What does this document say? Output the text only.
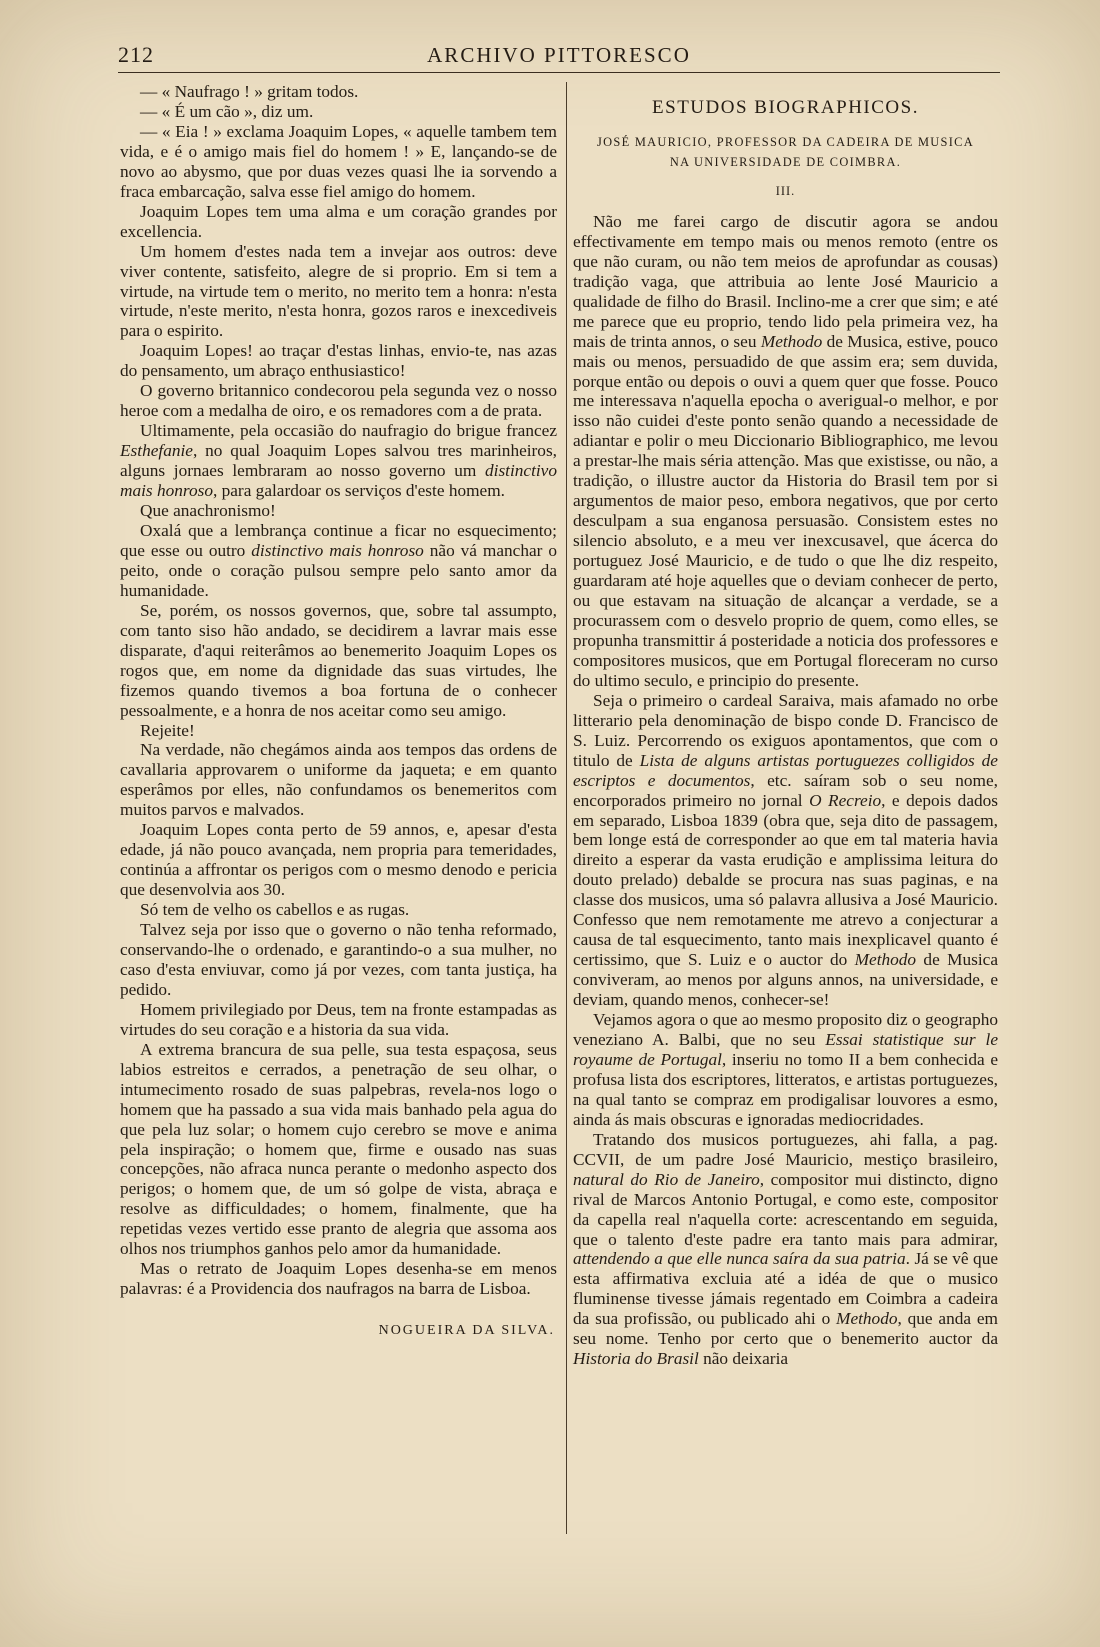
212	ARCHIVO PITTORESCO

— « Naufrago ! » gritam todos.

— « É um cão », diz um.

— « Eia ! » exclama Joaquim Lopes, « aquelle tambem tem vida, e é o amigo mais fiel do homem ! » E, lançando-se de novo ao abysmo, que por duas vezes quasi lhe ia sorvendo a fraca embarcação, salva esse fiel amigo do homem.

Joaquim Lopes tem uma alma e um coração grandes por excellencia.

Um homem d'estes nada tem a invejar aos outros: deve viver contente, satisfeito, alegre de si proprio. Em si tem a virtude, na virtude tem o merito, no merito tem a honra: n'esta virtude, n'este merito, n'esta honra, gozos raros e inexcediveis para o espirito.

Joaquim Lopes! ao traçar d'estas linhas, envio-te, nas azas do pensamento, um abraço enthusiastico!

O governo britannico condecorou pela segunda vez o nosso heroe com a medalha de oiro, e os remadores com a de prata.

Ultimamente, pela occasião do naufragio do brigue francez Esthefanie, no qual Joaquim Lopes salvou tres marinheiros, alguns jornaes lembraram ao nosso governo um distinctivo mais honroso, para galardoar os serviços d'este homem.

Que anachronismo!

Oxalá que a lembrança continue a ficar no esquecimento; que esse ou outro distinctivo mais honroso não vá manchar o peito, onde o coração pulsou sempre pelo santo amor da humanidade.

Se, porém, os nossos governos, que, sobre tal assumpto, com tanto siso hão andado, se decidirem a lavrar mais esse disparate, d'aqui reiterâmos ao benemerito Joaquim Lopes os rogos que, em nome da dignidade das suas virtudes, lhe fizemos quando tivemos a boa fortuna de o conhecer pessoalmente, e a honra de nos aceitar como seu amigo.

Rejeite!

Na verdade, não chegámos ainda aos tempos das ordens de cavallaria approvarem o uniforme da jaqueta; e em quanto esperâmos por elles, não confundamos os benemeritos com muitos parvos e malvados.

Joaquim Lopes conta perto de 59 annos, e, apesar d'esta edade, já não pouco avançada, nem propria para temeridades, continúa a affrontar os perigos com o mesmo denodo e pericia que desenvolvia aos 30.

Só tem de velho os cabellos e as rugas.

Talvez seja por isso que o governo o não tenha reformado, conservando-lhe o ordenado, e garantindo-o a sua mulher, no caso d'esta enviuvar, como já por vezes, com tanta justiça, ha pedido.

Homem privilegiado por Deus, tem na fronte estampadas as virtudes do seu coração e a historia da sua vida.

A extrema brancura de sua pelle, sua testa espaçosa, seus labios estreitos e cerrados, a penetração de seu olhar, o intumecimento rosado de suas palpebras, revela-nos logo o homem que ha passado a sua vida mais banhado pela agua do que pela luz solar; o homem cujo cerebro se move e anima pela inspiração; o homem que, firme e ousado nas suas concepções, não afraca nunca perante o medonho aspecto dos perigos; o homem que, de um só golpe de vista, abraça e resolve as difficuldades; o homem, finalmente, que ha repetidas vezes vertido esse pranto de alegria que assoma aos olhos nos triumphos ganhos pelo amor da humanidade.

Mas o retrato de Joaquim Lopes desenha-se em menos palavras: é a Providencia dos naufragos na barra de Lisboa.

NOGUEIRA DA SILVA.

ESTUDOS BIOGRAPHICOS.

JOSÉ MAURICIO, PROFESSOR DA CADEIRA DE MUSICA
NA UNIVERSIDADE DE COIMBRA.

III.

Não me farei cargo de discutir agora se andou effectivamente em tempo mais ou menos remoto (entre os que não curam, ou não tem meios de aprofundar as cousas) tradição vaga, que attribuia ao lente José Mauricio a qualidade de filho do Brasil. Inclino-me a crer que sim; e até me parece que eu proprio, tendo lido pela primeira vez, ha mais de trinta annos, o seu Methodo de Musica, estive, pouco mais ou menos, persuadido de que assim era; sem duvida, porque então ou depois o ouvi a quem quer que fosse. Pouco me interessava n'aquella epocha o averigual-o melhor, e por isso não cuidei d'este ponto senão quando a necessidade de adiantar e polir o meu Diccionario Bibliographico, me levou a prestar-lhe mais séria attenção. Mas que existisse, ou não, a tradição, o illustre auctor da Historia do Brasil tem por si argumentos de maior peso, embora negativos, que por certo desculpam a sua enganosa persuasão. Consistem estes no silencio absoluto, e a meu ver inexcusavel, que ácerca do portuguez José Mauricio, e de tudo o que lhe diz respeito, guardaram até hoje aquelles que o deviam conhecer de perto, ou que estavam na situação de alcançar a verdade, se a procurassem com o desvelo proprio de quem, como elles, se propunha transmittir á posteridade a noticia dos professores e compositores musicos, que em Portugal floreceram no curso do ultimo seculo, e principio do presente.

Seja o primeiro o cardeal Saraiva, mais afamado no orbe litterario pela denominação de bispo conde D. Francisco de S. Luiz. Percorrendo os exiguos apontamentos, que com o titulo de Lista de alguns artistas portuguezes colligidos de escriptos e documentos, etc. saíram sob o seu nome, encorporados primeiro no jornal O Recreio, e depois dados em separado, Lisboa 1839 (obra que, seja dito de passagem, bem longe está de corresponder ao que em tal materia havia direito a esperar da vasta erudição e amplissima leitura do douto prelado) debalde se procura nas suas paginas, e na classe dos musicos, uma só palavra allusiva a José Mauricio. Confesso que nem remotamente me atrevo a conjecturar a causa de tal esquecimento, tanto mais inexplicavel quanto é certissimo, que S. Luiz e o auctor do Methodo de Musica conviveram, ao menos por alguns annos, na universidade, e deviam, quando menos, conhecer-se!

Vejamos agora o que ao mesmo proposito diz o geographo veneziano A. Balbi, que no seu Essai statistique sur le royaume de Portugal, inseriu no tomo II a bem conhecida e profusa lista dos escriptores, litteratos, e artistas portuguezes, na qual tanto se compraz em prodigalisar louvores a esmo, ainda ás mais obscuras e ignoradas mediocridades.

Tratando dos musicos portuguezes, ahi falla, a pag. CCVII, de um padre José Mauricio, mestiço brasileiro, natural do Rio de Janeiro, compositor mui distincto, digno rival de Marcos Antonio Portugal, e como este, compositor da capella real n'aquella corte: acrescentando em seguida, que o talento d'este padre era tanto mais para admirar, attendendo a que elle nunca saíra da sua patria. Já se vê que esta affirmativa excluia até a idéa de que o musico fluminense tivesse jámais regentado em Coimbra a cadeira da sua profissão, ou publicado ahi o Methodo, que anda em seu nome. Tenho por certo que o benemerito auctor da Historia do Brasil não deixaria
